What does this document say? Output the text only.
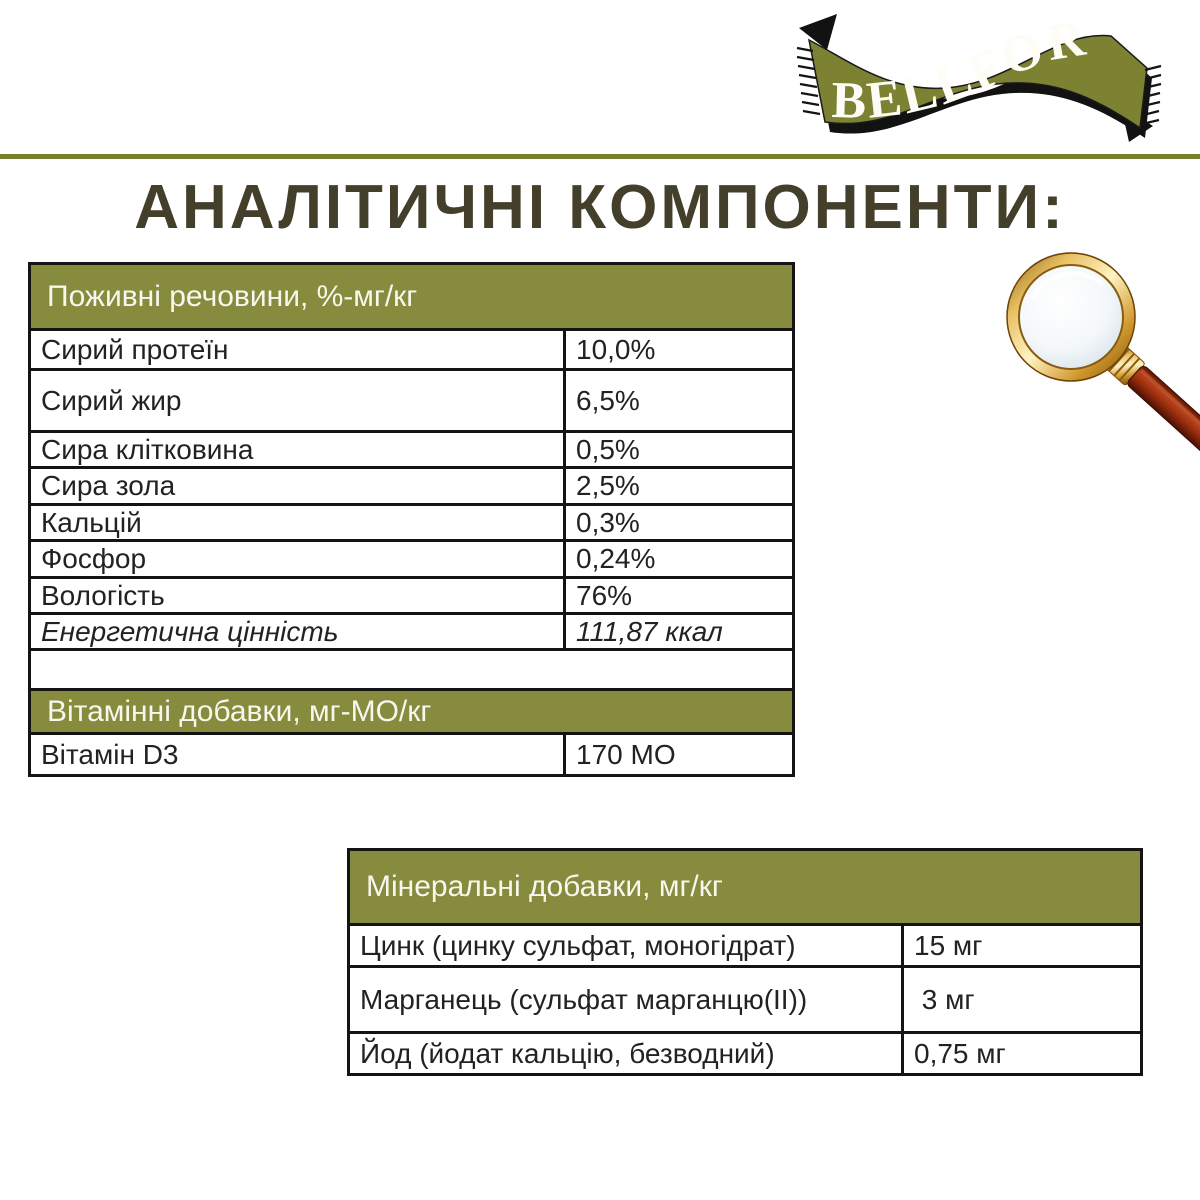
BELLFOR
АНАЛІТИЧНІ КОМПОНЕНТИ:
Поживні речовини, %-мг/кг	
Сирий протеїн	10,0%
Сирий жир	6,5%
Сира клітковина	0,5%
Сира зола	2,5%
Кальцій	0,3%
Фосфор	0,24%
Вологість	76%
Енергетична цінність	111,87 ккал

Вітамінні добавки, мг-МО/кг	
Вітамін D3	170 МО
Мінеральні добавки, мг/кг	
Цинк (цинку сульфат, моногідрат)	15 мг
Марганець (сульфат марганцю(II))	3 мг
Йод (йодат кальцію, безводний)	0,75 мг
